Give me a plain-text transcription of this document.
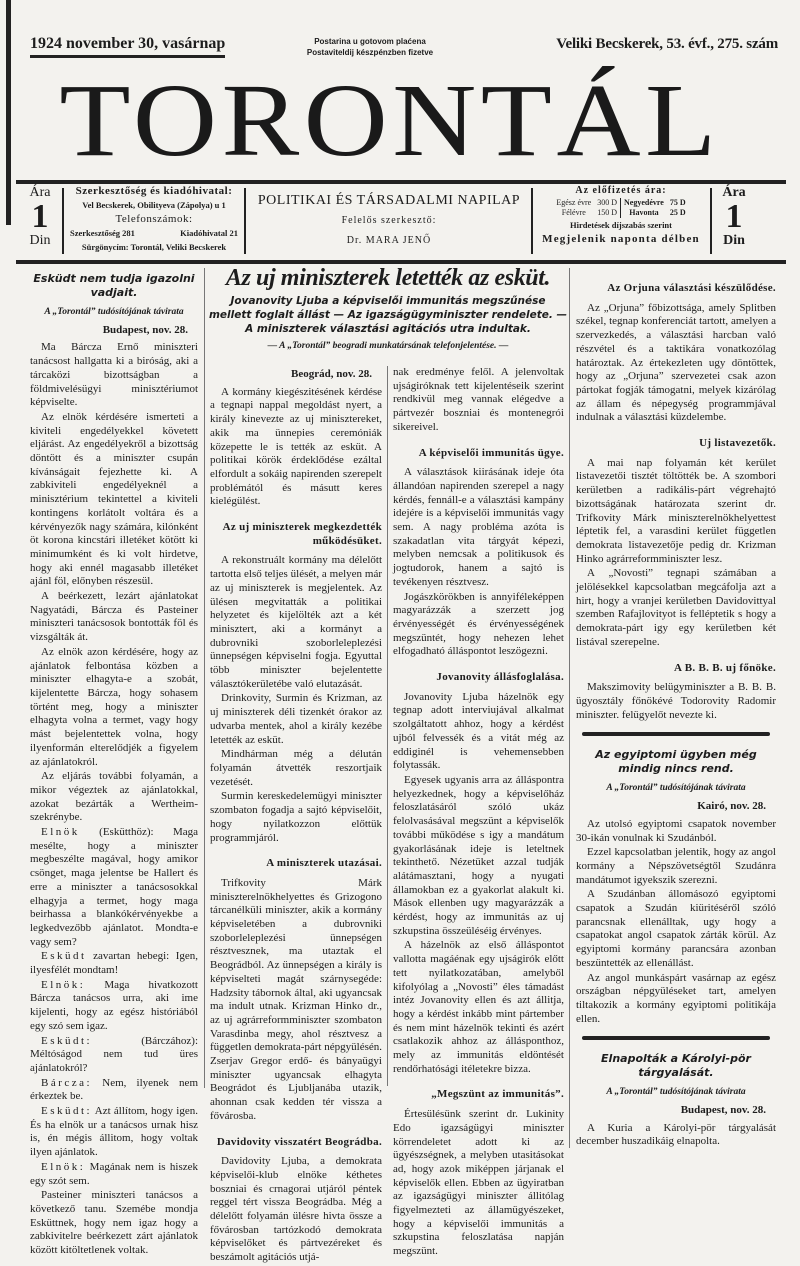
1924 november 30, vasárnap	Postarina u gotovom plaćena
Postaviteldij készpénzben fizetve
Veliki Becskerek, 53. évf., 275. szám
TORONTÁL
Ára
1
Din
Szerkesztőség és kiadóhivatal:
Vel Becskerek, Obilityeva (Zápolya) u 1
Telefonszámok:
Szerkesztőség 281	Kiadóhivatal 21
Sürgönycím: Torontál, Veliki Becskerek
POLITIKAI ÉS TÁRSADALMI NAPILAP
Felelős szerkesztő:
Dr. MARA JENŐ
Az előfizetés ára:
Egész évre	300 D	Negyedévre	75 D
Félévre	150 D	Havonta	25 D
Hirdetések díjszabás szerint
Megjelenik naponta délben
Ára
1
Din
Az uj miniszterek letették az esküt.
Jovanovity Ljuba a képviselői immunitás megszűnése mellett foglalt állást — Az igazságügyminiszter rendelete. — A miniszterek választási agitációs utra indultak.
— A „Torontál” beogradi munkatársának telefonjelentése. —
Esküdt nem tudja igazolni vadjait.
A „Torontál” tudósítójának távirata
Budapest, nov. 28.

Ma Bárcza Ernő miniszteri tanácsost hallgatta ki a biróság, aki a tárcaközi bizottságban a földmivelésügyi minisztériumot képviselte.

Az elnök kérdésére ismerteti a kiviteli engedélyekkel követett eljárást. Az engedélyekről a bizottság döntött és a miniszter csupán kívánságait fejezhette ki. A zabkiviteli engedélyeknél a minisztérium tekintettel a kiviteli kontingens korlátolt voltára és a kérvényezők nagy számára, kilónként öt korona kincstári illetéket kötött ki minimumként és ki volt hirdetve, hogy aki ennél magasabb illetéket ajánl föl, előnyben részesül.

A beérkezett, lezárt ajánlatokat Nagyatádi, Bárcza és Pasteiner miniszteri tanácsosok bontották föl és vizsgálták át.

Az elnök azon kérdésére, hogy az ajánlatok felbontása közben a miniszter elhagyta-e a szobát, kijelentette Bárcza, hogy sohasem történt meg, hogy a miniszter elhagyta volna a termet, vagy hogy mást bejelentettek volna, hogy ilyenformán elterelődjék a figyelem az ajánlatokról.

Az eljárás további folyamán, a mikor végeztek az ajánlatokkal, azokat bezárták a Wertheim-szekrénybe.

Elnök (Eskütthöz): Maga mesélte, hogy a miniszter megbeszélte magával, hogy amikor csönget, maga jelentse be Hallert és erre a miniszter a tanácsosokkal elhagyja a termet, hogy maga beirhassa a blankókérvényekbe a legkedvezőbb ajánlatot. Mondta-e vagy sem?

Esküdt zavartan hebegi: Igen, ilyesfélét mondtam!

Elnök: Maga hivatkozott Bárcza tanácsos urra, aki ime kijelenti, hogy az egész históriából egy szó sem igaz.

Esküdt: (Bárczához): Méltóságod nem tud üres ajánlatokról?

Bárcza: Nem, ilyenek nem érkeztek be.

Esküdt: Azt állítom, hogy igen. És ha elnök ur a tanácsos urnak hisz is, én mégis állitom, hogy voltak ilyen ajánlatok.

Elnök: Magának nem is hiszek egy szót sem.

Pasteiner miniszteri tanácsos a következő tanu. Szemébe mondja Esküttnek, hogy nem igaz hogy a zabkivitelre beérkezett zárt ajánlatok között kitöltetlenek voltak.

Beográd, nov. 28.

A kormány kiegészitésének kérdése a tegnapi nappal megoldást nyert, a király kinevezte az uj minisztereket, akik ma ünnepies ceremóniák közepette le is tették az esküt. A politikai körök érdeklődése ezáltal elfordult a sokáig napirenden szerepelt problémától és másutt keres kielégülést.

Az uj miniszterek megkezdették működésüket.

A rekonstruált kormány ma délelőtt tartotta első teljes ülését, a melyen már az uj miniszterek is megjelentek. Az ülésen megvitatták a politikai helyzetet és kijelölték azt a két minisztert, aki a kormányt a dubrovniki szoborleleplezési ünnepségen képviselni fogja. Egyuttal több miniszter bejelentette választókerületébe való elutazását.

Drinkovity, Surmin és Krizman, az uj miniszterek déli tizenkét órakor az udvarba mentek, ahol a király kezébe letették az esküt.

Mindhárman még a délután folyamán átvették reszortjaik vezetését.

Surmin kereskedelemügyi miniszter szombaton fogadja a sajtó képviselőit, hogy nyilatkozzon előttük programmjáról.

A miniszterek utazásai.

Trifkovity Márk miniszterelnökhelyettes és Grizogono tárcanélküli miniszter, akik a kormány képviseletében a dubrovniki szoborleleplezési ünnepségen résztvesznek, ma utaztak el Beográdból. Az ünnepségen a király is képviselteti magát szárnysegéde: Hadzsity tábornok által, aki ugyancsak ma indult utnak. Krizman Hinko dr., az uj agrárreformminiszter szombaton Varasdinba megy, ahol résztvesz a független demokrata-párt népgyülésén. Zserjav Gregor erdő- és bányaügyi miniszter ugyancsak elhagyta Beográdot és Ljubljanába utazik, ahonnan csak kedden tér vissza a fővárosba.

Davidovity visszatért Beográdba.

Davidovity Ljuba, a demokrata képviselői-klub elnöke kéthetes boszniai és crnagorai utjáról péntek reggel tért vissza Beográdba. Még a délelőtt folyamán ülésre hivta össze a fővárosban tartózkodó demokrata képviselőket és pártvezéreket és beszámolt agitációs utjá-

nak eredménye felől. A jelenvoltak ujságiróknak tett kijelentéseik szerint rendkivül meg vannak elégedve a pártvezér boszniai és montenegrói sikereivel.

A képviselői immunitás ügye.

A választások kiirásának ideje óta állandóan napirenden szerepel a nagy kérdés, fennáll-e a választási kampány idejére is a képviselői immunitás vagy sem. A nagy probléma azóta is szakadatlan vita tárgyát képezi, melyben nemcsak a politikusok és jogtudorok, hanem a sajtó is tevékenyen résztvesz.

Jogászkörökben is annyiféleképpen magyarázzák a szerzett jog érvényességét és érvényességének megszüntét, hogy nehezen lehet elfogadható álláspontot leszögezni.

Jovanovity állásfoglalása.

Jovanovity Ljuba házelnök egy tegnap adott interviujával alkalmat szolgáltatott ahhoz, hogy a kérdést ujból felvessék és a vitát még az eddiginél is vehemensebben folytassák.

Egyesek ugyanis arra az álláspontra helyezkednek, hogy a képviselőház feloszlatásáról szóló ukáz felolvasásával megszünt a képviselők további működése s igy a mandátum gyakorlásának ideje is leteltnek tekinthető. Nézetüket azzal tudják alátámasztani, hogy a nyugati államokban ez a gyakorlat alakult ki. Mások ellenben ugy magyarázzák a kérdést, hogy az immunitás az uj szkupstina összeüléséig érvényes.

A házelnök az első álláspontot vallotta magáénak egy ujságirók előtt tett nyilatkozatában, amelyből kifolyólag a „Novosti” éles támadást intéz Jovanovity ellen és azt állitja, hogy a kérdést inkább mint pártember és nem mint házelnök tekinti és azért csatlakozik ahhoz az állásponthoz, mely az immunitás eldöntését rendőrhatósági itéletekre bizza.

„Megszünt az immunitás”.

Értesülésünk szerint dr. Lukinity Edo igazságügyi miniszter körrendeletet adott ki az ügyészségnek, a melyben utasitásokat ad, hogy azok miképpen járjanak el képviselők ellen. Ebben az ügyiratban az igazságügyi miniszter állitólag figyelmezteti az államügyészeket, hogy a képviselői immunitás a szkupstina feloszlatása napján megszünt.

Az Orjuna választási készülődése.

Az „Orjuna” főbizottsága, amely Splitben székel, tegnap konferenciát tartott, amelyen a szervezkedés, a választási harcban való részvétel és a taktikára vonatkozólag határoztak. Az értekezleten ugy döntöttek, hogy az „Orjuna” szervezetei csak azon pártokat fogják támogatni, melyek kizárólag az állam és népegység programmjával indulnak a választási küzdelembe.

Uj listavezetők.

A mai nap folyamán két kerület listavezetői tisztét töltötték be. A szombori kerületben a radikális-párt végrehajtó bizottságának határozata szerint dr. Trifkovity Márk miniszterelnökhelyettest léptetik fel, a varasdini kerület független demokrata listavezetője pedig dr. Krizman Hinko agrárreformminiszter lesz.

A „Novosti” tegnapi számában a jelölésekkel kapcsolatban megcáfolja azt a hirt, hogy a vranjei kerületben Davidovittyal szemben Rafajlovityot is felléptetik s hogy a demokrata-párt igy egy kerületben két listával szerepelne.

A B. B. B. uj főnöke.

Makszimovity belügyminiszter a B. B. B. ügyosztály főnökévé Todorovity Radomir miniszter. felügyelőt nevezte ki.

Az egyiptomi ügyben még mindig nincs rend.
A „Torontál” tudósítójának távirata
Kairó, nov. 28.

Az utolsó egyiptomi csapatok november 30-ikán vonulnak ki Szudánból.

Ezzel kapcsolatban jelentik, hogy az angol kormány a Népszövetségtől Szudánra mandátumot igyekszik szerezni.

A Szudánban állomásozó egyiptomi csapatok a Szudán kiüritéséről szóló parancsnak ellenálltak, ugy hogy a csapatokat angol csapatok zárták körül. Az egyiptomi kormány parancsára azonban beszüntették az ellenállást.

Az angol munkáspárt vasárnap az egész országban népgyüléseket tart, amelyen tiltakozik a kormány egyiptomi politikája ellen.

Elnapolták a Károlyi-pör tárgyalását.
A „Torontál” tudósítójának távirata
Budapest, nov. 28.

A Kuria a Károlyi-pör tárgyalását december huszadikáig elnapolta.
